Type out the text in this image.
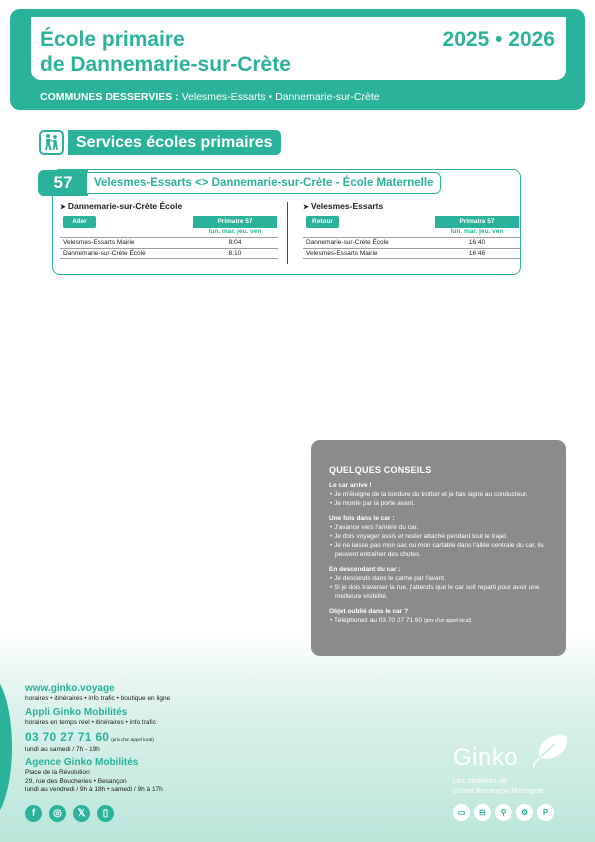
École primaire
de Dannemarie-sur-Crète
2025 • 2026
COMMUNES DESSERVIES : Velesmes-Essarts • Dannemarie-sur-Crète
Services écoles primaires
57	Velesmes-Essarts <> Dannemarie-sur-Crète - École Maternelle
➤ Dannemarie-sur-Crète École
Aller	Primaire 57
lun. mar. jeu. ven
Velesmes-Essarts Mairie	8:04
Dannemarie-sur-Crète École	8:10
➤ Velesmes-Essarts
Retour	Primaire 57
lun. mar. jeu. ven
Dannemarie-sur-Crète École	16:40
Velesmes-Essarts Mairie	16:46
QUELQUES CONSEILS
Le car arrive !
• Je m'éloigne de la bordure du trottoir et je fais signe au conducteur.
• Je monte par la porte avant.
Une fois dans le car :
• J'avance vers l'arrière du car.
• Je dois voyager assis et rester attaché pendant tout le trajet.
• Je ne laisse pas mon sac ou mon cartable dans l'allée centrale du car, ils peuvent entraîner des chutes.
En descendant du car :
• Je descends dans le calme par l'avant.
• Si je dois traverser la rue, j'attends que le car soit reparti pour avoir une meilleure visibilité.
Objet oublié dans le car ?
• Téléphonez au 03 70 27 71 60 (prix d'un appel local)
www.ginko.voyage
horaires • itinéraires • info trafic • boutique en ligne
Appli Ginko Mobilités
horaires en temps réel • itinéraires • info trafic
03 70 27 71 60 (prix d'un appel local)
lundi au samedi / 7h - 19h
Agence Ginko Mobilités
Place de la Révolution
29, rue des Boucheries • Besançon
lundi au vendredi / 9h à 18h • samedi / 9h à 17h
f	◎	𝕏	▯
Ginko
Les mobilités de
Grand Besançon Métropole
▭	⊟	⚲	⚙	P
